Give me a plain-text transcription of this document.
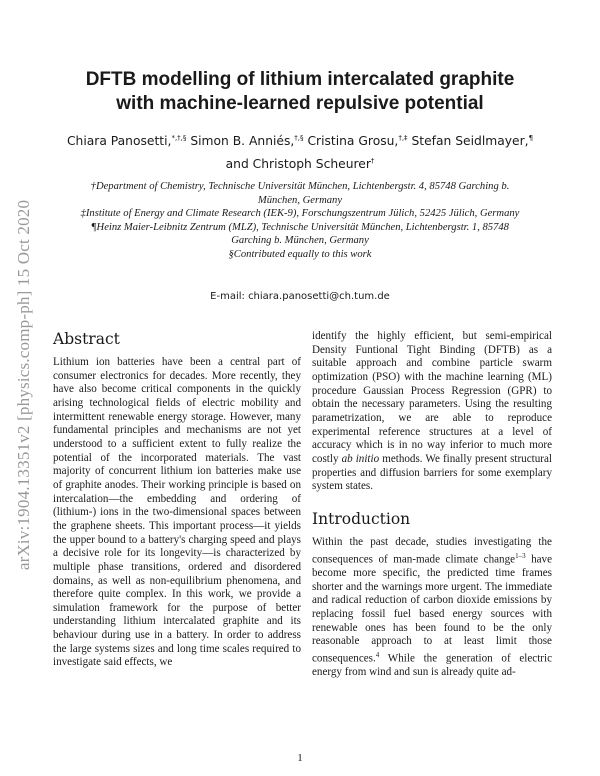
arXiv:1904.13351v2 [physics.comp-ph] 15 Oct 2020
DFTB modelling of lithium intercalated graphite
with machine-learned repulsive potential
Chiara Panosetti,*,†,§ Simon B. Anniés,†,§ Cristina Grosu,†,‡ Stefan Seidlmayer,¶
and Christoph Scheurer†

†Department of Chemistry, Technische Universität München, Lichtenbergstr. 4, 85748 Garching b. München, Germany

‡Institute of Energy and Climate Research (IEK-9), Forschungszentrum Jülich, 52425 Jülich, Germany

¶Heinz Maier-Leibnitz Zentrum (MLZ), Technische Universität München, Lichtenbergstr. 1, 85748 Garching b. München, Germany

§Contributed equally to this work

E-mail: chiara.panosetti@ch.tum.de
Abstract

Lithium ion batteries have been a central part of consumer electronics for decades. More recently, they have also become critical components in the quickly arising technological fields of electric mobility and intermittent renewable energy storage. However, many fundamental principles and mechanisms are not yet understood to a sufficient extent to fully realize the potential of the incorporated materials. The vast majority of concurrent lithium ion batteries make use of graphite anodes. Their working principle is based on intercalation—the embedding and ordering of (lithium-) ions in the two-dimensional spaces between the graphene sheets. This important process—it yields the upper bound to a battery's charging speed and plays a decisive role for its longevity—is characterized by multiple phase transitions, ordered and disordered domains, as well as non-equilibrium phenomena, and therefore quite complex. In this work, we provide a simulation framework for the purpose of better understanding lithium intercalated graphite and its behaviour during use in a battery. In order to address the large systems sizes and long time scales required to investigate said effects, we

identify the highly efficient, but semi-empirical Density Funtional Tight Binding (DFTB) as a suitable approach and combine particle swarm optimization (PSO) with the machine learning (ML) procedure Gaussian Process Regression (GPR) to obtain the necessary parameters. Using the resulting parametrization, we are able to reproduce experimental reference structures at a level of accuracy which is in no way inferior to much more costly ab initio methods. We finally present structural properties and diffusion barriers for some exemplary system states.

Introduction

Within the past decade, studies investigating the consequences of man-made climate change$^{1-3}$ have become more specific, the predicted time frames shorter and the warnings more urgent. The immediate and radical reduction of carbon dioxide emissions by replacing fossil fuel based energy sources with renewable ones has been found to be the only reasonable approach to at least limit those consequences.$^4$ While the generation of electric energy from wind and sun is already quite ad-

1
